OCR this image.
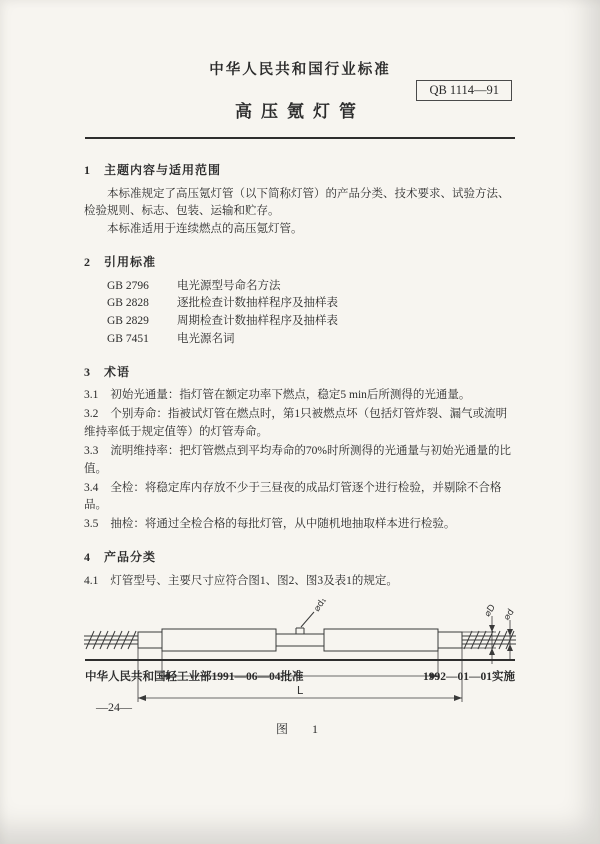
中华人民共和国行业标准
QB 1114—91
高压氪灯管
1　主题内容与适用范围

本标准规定了高压氪灯管（以下简称灯管）的产品分类、技术要求、试验方法、检验规则、标志、包装、运输和贮存。

本标准适用于连续燃点的高压氪灯管。

2　引用标准

GB 2796 电光源型号命名方法

GB 2828 逐批检查计数抽样程序及抽样表

GB 2829 周期检查计数抽样程序及抽样表

GB 7451 电光源名词

3　术语

3.1 初始光通量：指灯管在额定功率下燃点，稳定5 min后所测得的光通量。

3.2 个别寿命：指被试灯管在燃点时，第1只被燃点坏（包括灯管炸裂、漏气或流明维持率低于规定值等）的灯管寿命。

3.3 流明维持率：把灯管燃点到平均寿命的70%时所测得的光通量与初始光通量的比值。

3.4 全检：将稳定库内存放不少于三昼夜的成品灯管逐个进行检验，并剔除不合格品。

3.5 抽检：将通过全检合格的每批灯管，从中随机地抽取样本进行检验。

4　产品分类

4.1 灯管型号、主要尺寸应符合图1、图2、图3及表1的规定。

L
⌀d₁	⌀D ⌀d
图　1
中华人民共和国轻工业部1991—06—04批准	1992—01—01实施
—24—
